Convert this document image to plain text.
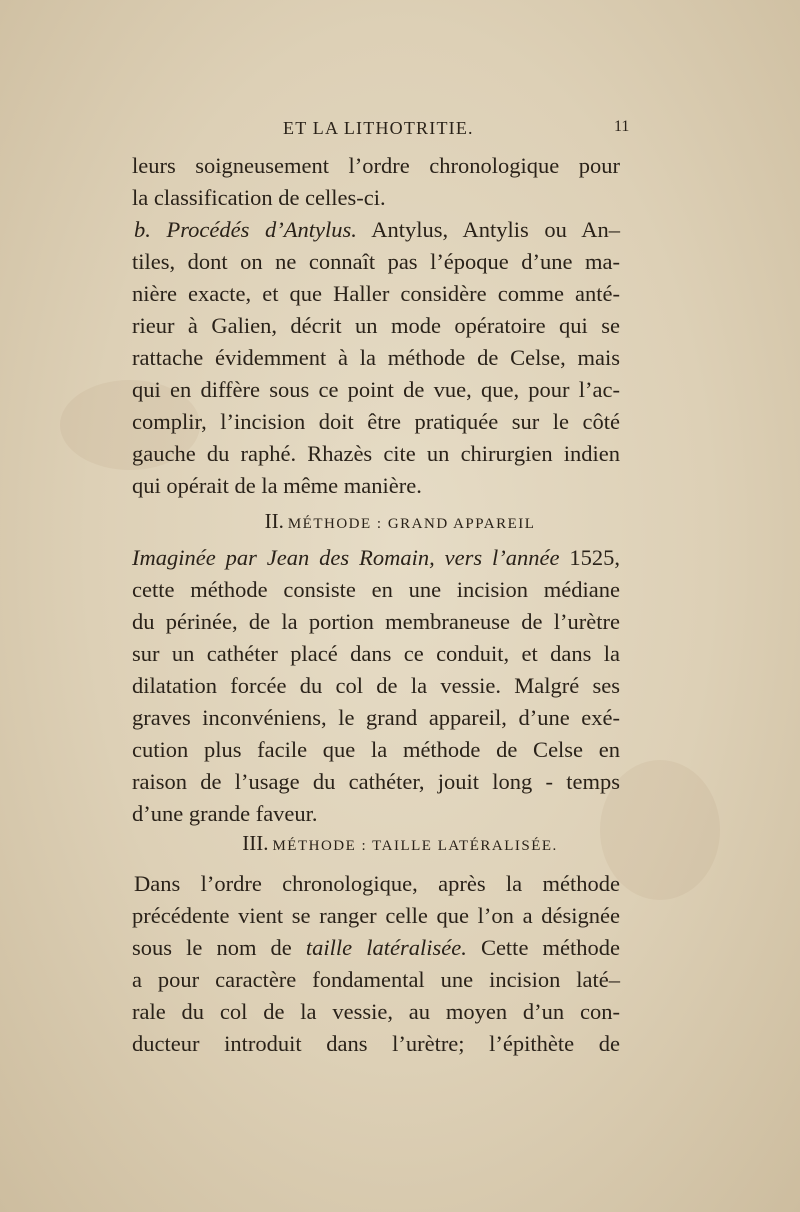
ET LA LITHOTRITIE.	11
leurs soigneusement l’ordre chronologique pour
la classification de celles-ci.
b. Procédés d’Antylus. Antylus, Antylis ou An–
tiles, dont on ne connaît pas l’époque d’une ma-
nière exacte, et que Haller considère comme anté-
rieur à Galien, décrit un mode opératoire qui se
rattache évidemment à la méthode de Celse, mais
qui en diffère sous ce point de vue, que, pour l’ac-
complir, l’incision doit être pratiquée sur le côté
gauche du raphé. Rhazès cite un chirurgien indien
qui opérait de la même manière.
II. MÉTHODE : GRAND APPAREIL
Imaginée par Jean des Romain, vers l’année 1525,
cette méthode consiste en une incision médiane
du périnée, de la portion membraneuse de l’urètre
sur un cathéter placé dans ce conduit, et dans la
dilatation forcée du col de la vessie. Malgré ses
graves inconvéniens, le grand appareil, d’une exé-
cution plus facile que la méthode de Celse en
raison de l’usage du cathéter, jouit long - temps
d’une grande faveur.
III. MÉTHODE : TAILLE LATÉRALISÉE.
Dans l’ordre chronologique, après la méthode
précédente vient se ranger celle que l’on a désignée
sous le nom de taille latéralisée. Cette méthode
a pour caractère fondamental une incision laté–
rale du col de la vessie, au moyen d’un con-
ducteur introduit dans l’urètre; l’épithète de
